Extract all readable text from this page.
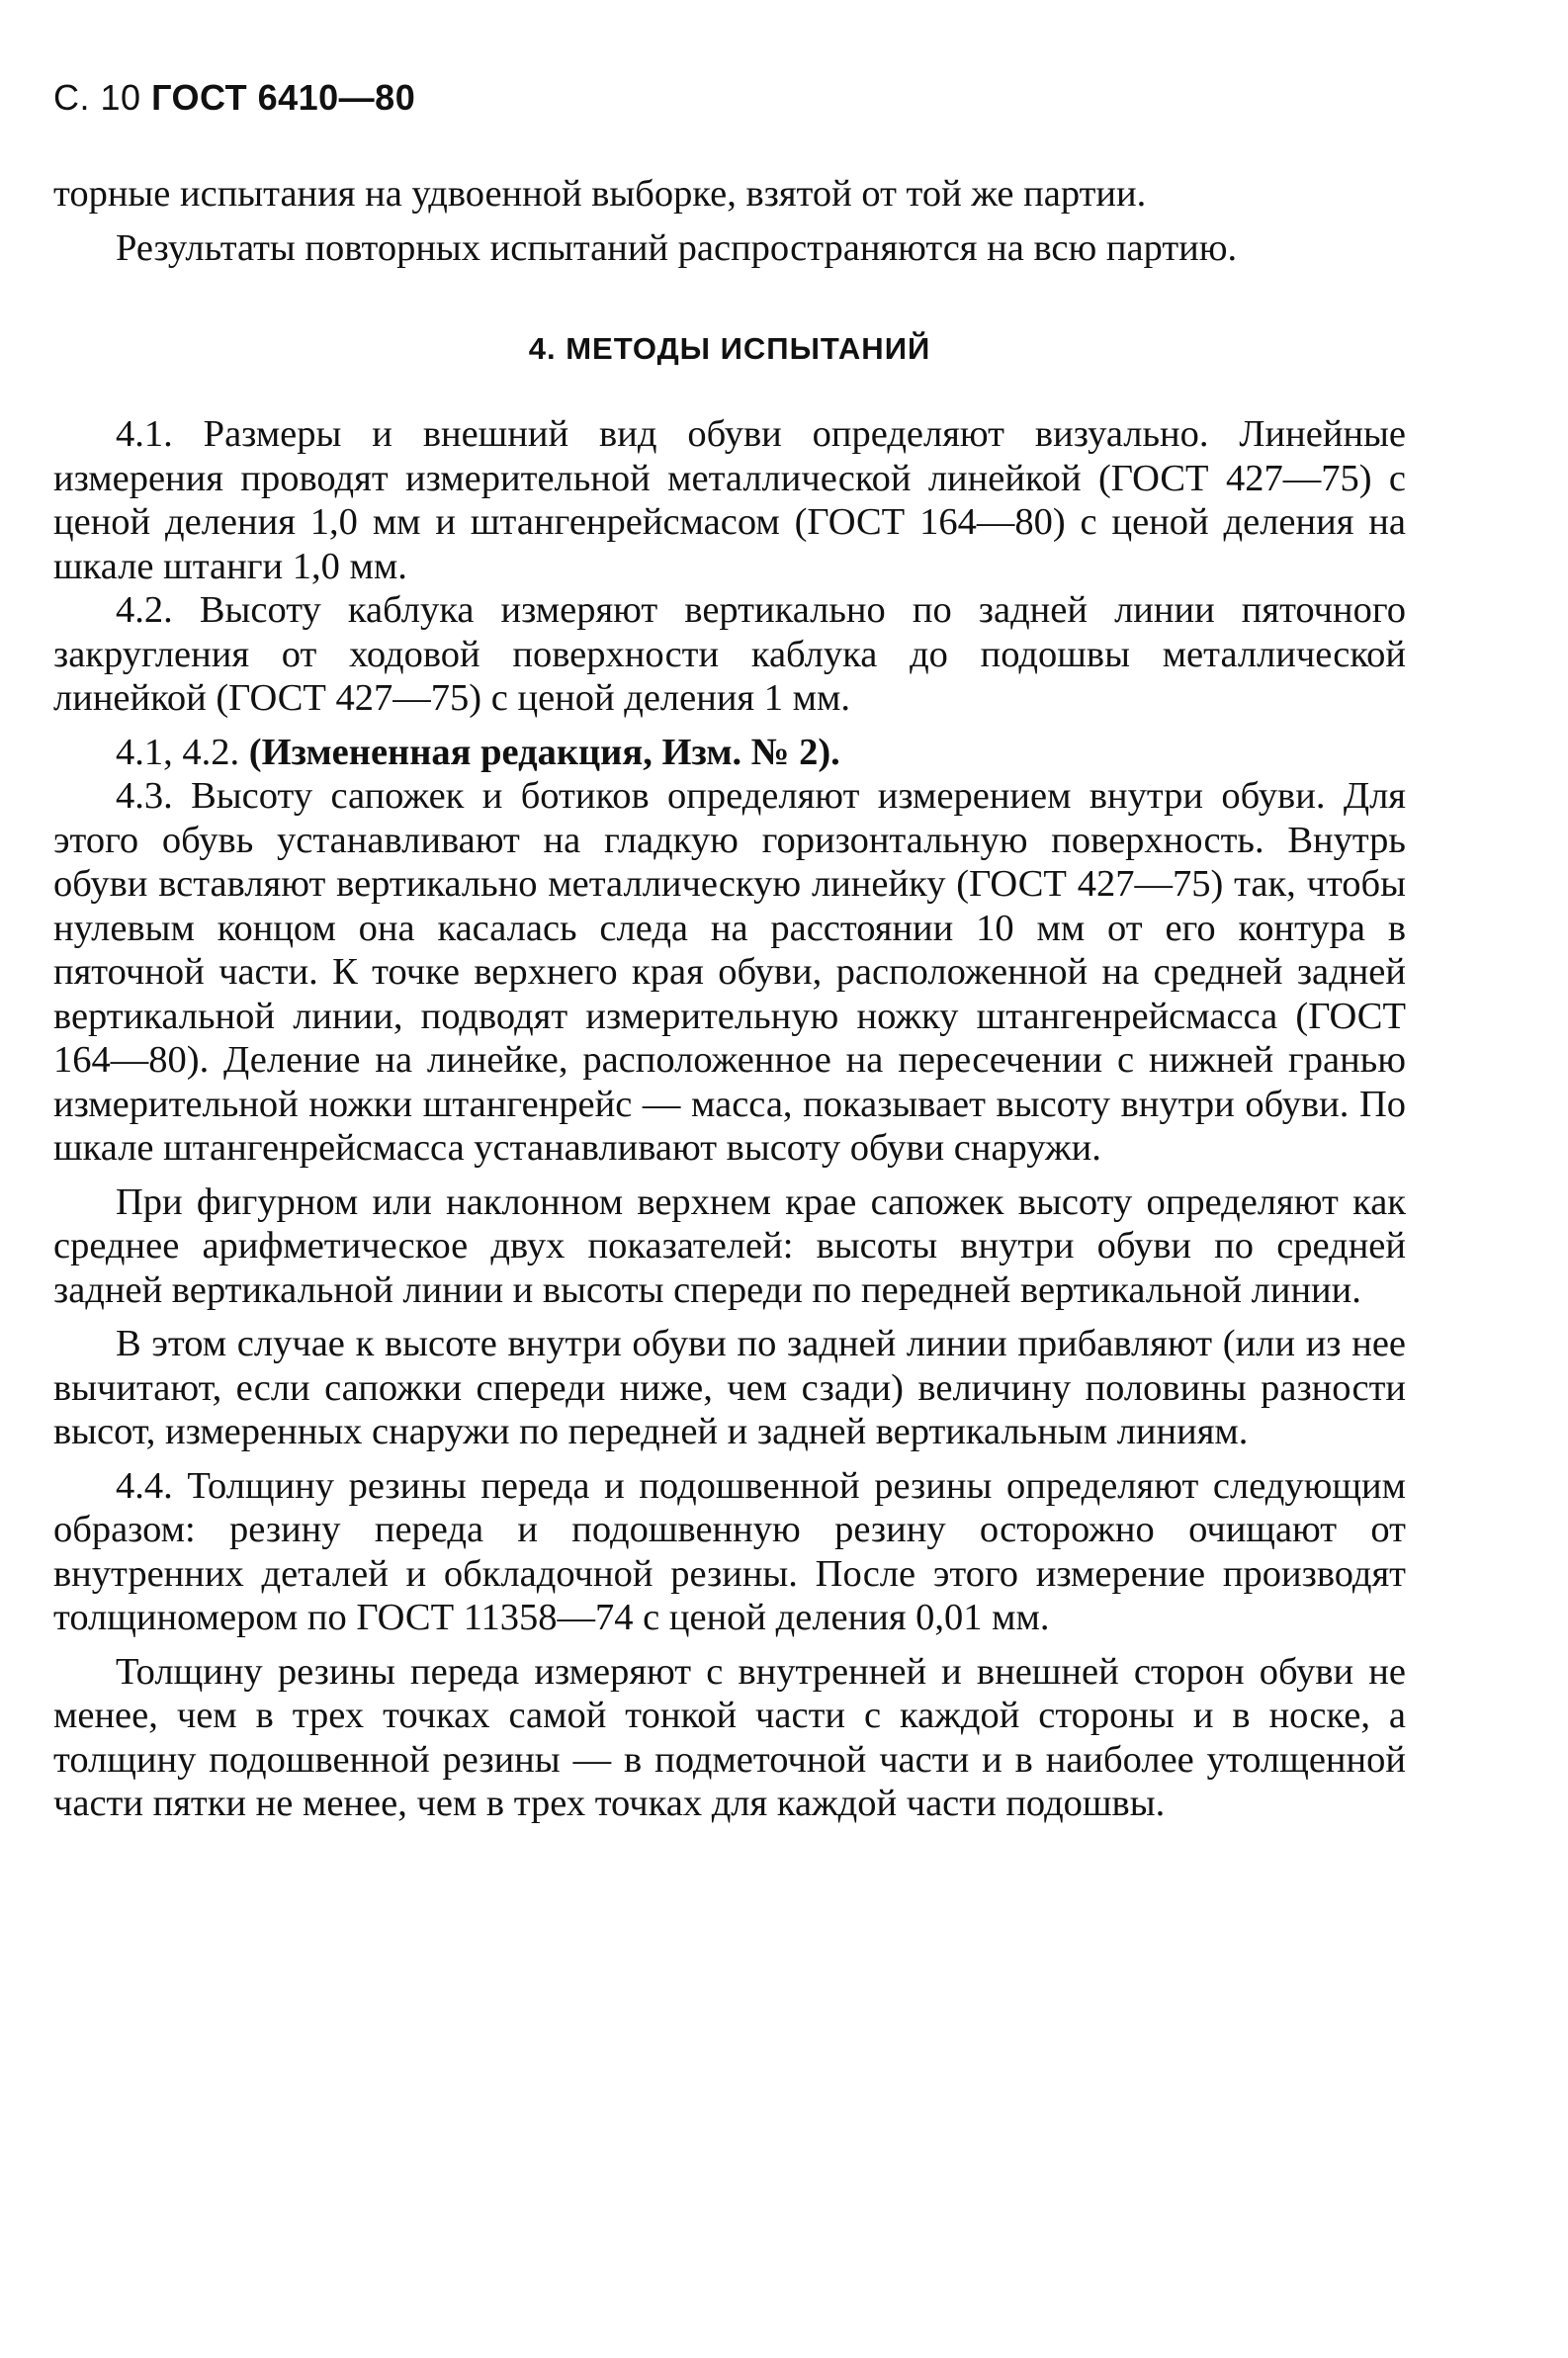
С. 10 ГОСТ 6410—80

торные испытания на удвоенной выборке, взятой от той же партии.

Результаты повторных испытаний распространяются на всю партию.

4. МЕТОДЫ ИСПЫТАНИЙ

4.1. Размеры и внешний вид обуви определяют визуально. Линейные измерения проводят измерительной металлической линейкой (ГОСТ 427—75) с ценой деления 1,0 мм и штангенрейсмасом (ГОСТ 164—80) с ценой деления на шкале штанги 1,0 мм.

4.2. Высоту каблука измеряют вертикально по задней линии пяточного закругления от ходовой поверхности каблука до подошвы металлической линейкой (ГОСТ 427—75) с ценой деления 1 мм.

4.1, 4.2. (Измененная редакция, Изм. № 2).

4.3. Высоту сапожек и ботиков определяют измерением внутри обуви. Для этого обувь устанавливают на гладкую горизонтальную поверхность. Внутрь обуви вставляют вертикально металлическую линейку (ГОСТ 427—75) так, чтобы нулевым концом она касалась следа на расстоянии 10 мм от его контура в пяточной части. К точке верхнего края обуви, расположенной на средней задней вертикальной линии, подводят измерительную ножку штангенрейсмасса (ГОСТ 164—80). Деление на линейке, расположенное на пересечении с нижней гранью измерительной ножки штангенрейс — масса, показывает высоту внутри обуви. По шкале штангенрейсмасса устанавливают высоту обуви снаружи.

При фигурном или наклонном верхнем крае сапожек высоту определяют как среднее арифметическое двух показателей: высоты внутри обуви по средней задней вертикальной линии и высоты спереди по передней вертикальной линии.

В этом случае к высоте внутри обуви по задней линии прибавляют (или из нее вычитают, если сапожки спереди ниже, чем сзади) величину половины разности высот, измеренных снаружи по передней и задней вертикальным линиям.

4.4. Толщину резины переда и подошвенной резины определяют следующим образом: резину переда и подошвенную резину осторожно очищают от внутренних деталей и обкладочной резины. После этого измерение производят толщиномером по ГОСТ 11358—74 с ценой деления 0,01 мм.

Толщину резины переда измеряют с внутренней и внешней сторон обуви не менее, чем в трех точках самой тонкой части с каждой стороны и в носке, а толщину подошвенной резины — в подметочной части и в наиболее утолщенной части пятки не менее, чем в трех точках для каждой части подошвы.
